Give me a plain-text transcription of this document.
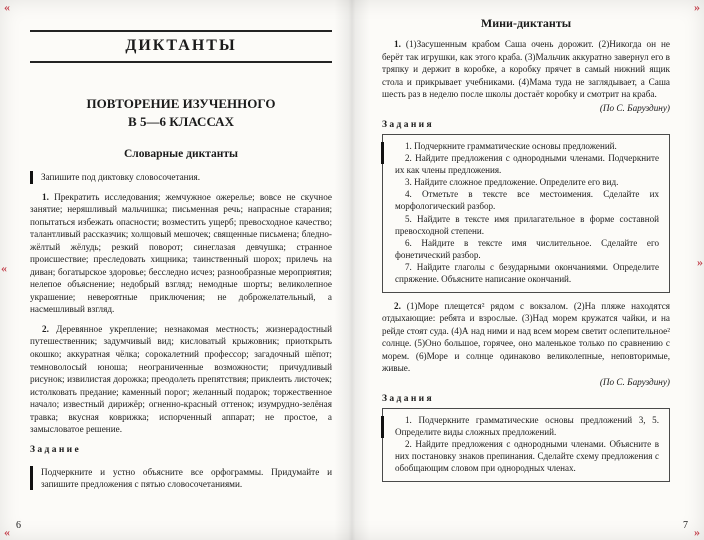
«	»
«	»
«	»
ДИКТАНТЫ
ПОВТОРЕНИЕ ИЗУЧЕННОГО
В 5—6 КЛАССАХ
Словарные диктанты
Запишите под диктовку словосочетания.

1. Прекратить исследования; жемчужное ожерелье; вовсе не скучное занятие; неряшливый мальчишка; письменная речь; напрасные старания; попытаться избежать опасности; возместить ущерб; превосходное качество; талантливый рассказчик; холщовый мешочек; священные письмена; бледно-жёлтый жёлудь; резкий поворот; синеглазая девчушка; странное происшествие; преследовать хищника; таинственный шорох; прилечь на диван; богатырское здоровье; бесследно исчез; разнообразные мероприятия; нелепое объяснение; недобрый взгляд; немодные шорты; великолепное украшение; невероятные приключения; не доброжелательный, а насмешливый взгляд.

2. Деревянное укрепление; незнакомая местность; жизнерадостный путешественник; задумчивый вид; кисловатый крыжовник; приоткрыть окошко; аккуратная чёлка; сорокалетний профессор; загадочный шёпот; темноволосый юноша; неограниченные возможности; причудливый рисунок; извилистая дорожка; преодолеть препятствия; приклеить листочек; истолковать предание; каменный порог; желанный подарок; торжественное начало; известный дирижёр; огненно-красный оттенок; изумрудно-зелёная травка; вкусная коврижка; испорченный аппарат; не простое, а замысловатое решение.

З а д а н и е
Подчеркните и устно объясните все орфограммы. Придумайте и запишите предложения с пятью словосочетаниями.
6
Мини-диктанты

1. (1)Засушенным крабом Саша очень дорожит. (2)Никогда он не берёт так игрушки, как этого краба. (3)Мальчик аккуратно завернул его в тряпку и держит в коробке, а коробку прячет в самый нижний ящик стола и прикрывает учебниками. (4)Мама туда не заглядывает, а Саша шесть раз в неделю после школы достаёт коробку и смотрит на краба.

(По С. Баруздину)
З а д а н и я
1. Подчеркните грамматические основы предложений.
2. Найдите предложения с однородными членами. Подчеркните их как члены предложения.
3. Найдите сложное предложение. Определите его вид.
4. Отметьте в тексте все местоимения. Сделайте их морфологический разбор.
5. Найдите в тексте имя прилагательное в форме составной превосходной степени.
6. Найдите в тексте имя числительное. Сделайте его фонетический разбор.
7. Найдите глаголы с безударными окончаниями. Определите спряжение. Объясните написание окончаний.

2. (1)Море плещется² рядом с вокзалом. (2)На пляже находятся отдыхающие: ребята и взрослые. (3)Над морем кружатся чайки, и на рейде стоят суда. (4)А над ними и над всем морем светит ослепительное² солнце. (5)Оно большое, горячее, оно маленькое только по сравнению с морем. (6)Море и солнце одинаково великолепные, неповторимые, живые.

(По С. Баруздину)
З а д а н и я
1. Подчеркните грамматические основы предложений 3, 5. Определите виды сложных предложений.
2. Найдите предложения с однородными членами. Объясните в них постановку знаков препинания. Сделайте схему предложения с обобщающим словом при однородных членах.
7
